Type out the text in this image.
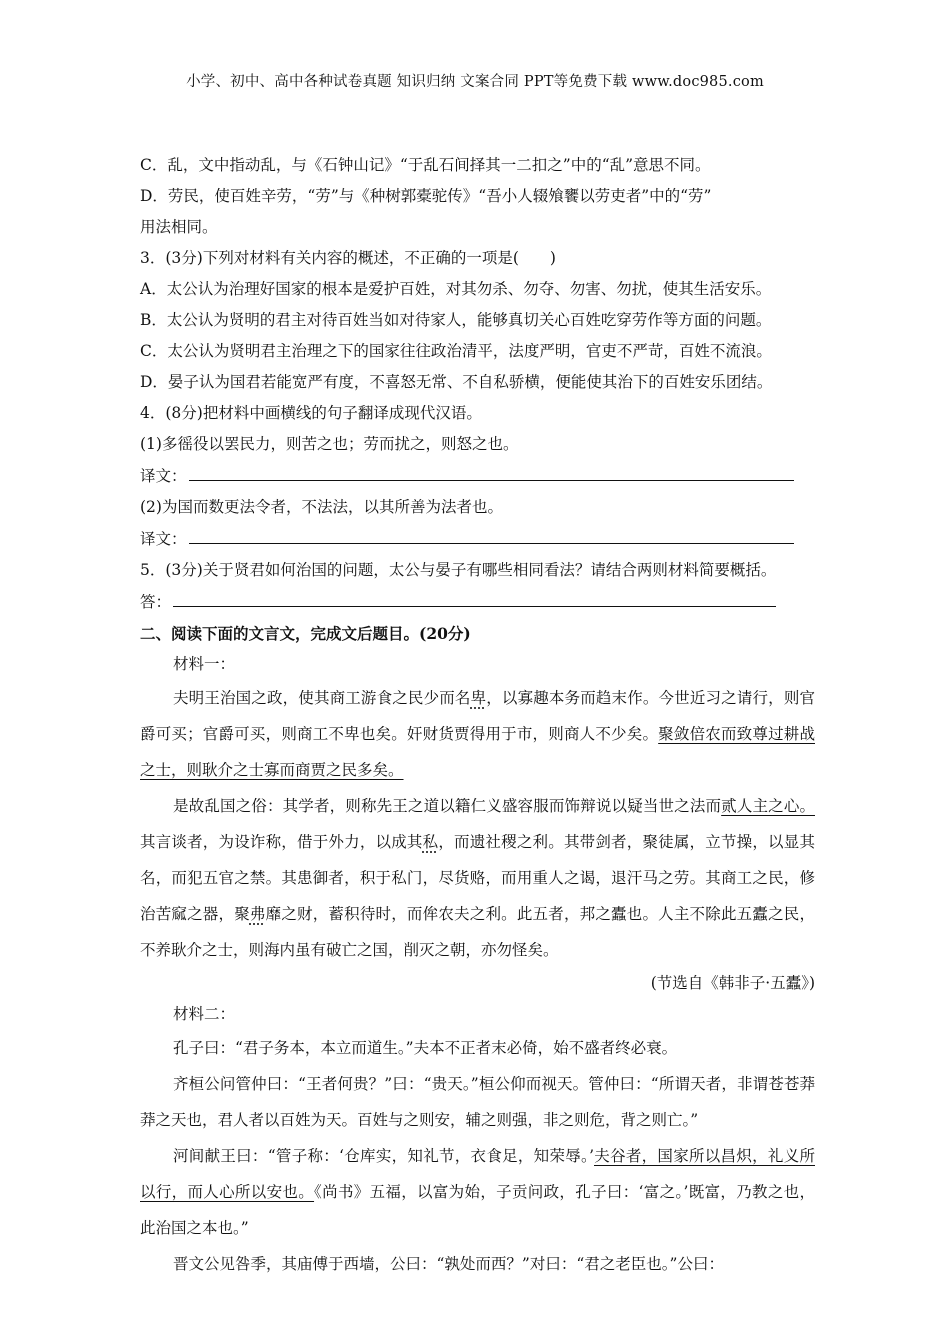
小学、初中、高中各种试卷真题 知识归纳 文案合同 PPT等免费下载 www.doc985.com

C．乱，文中指动乱，与《石钟山记》“于乱石间择其一二扣之”中的“乱”意思不同。

D．劳民，使百姓辛劳，“劳”与《种树郭橐驼传》“吾小人辍飧饔以劳吏者”中的“劳”

用法相同。

3．(3分)下列对材料有关内容的概述，不正确的一项是(　　)

A．太公认为治理好国家的根本是爱护百姓，对其勿杀、勿夺、勿害、勿扰，使其生活安乐。

B．太公认为贤明的君主对待百姓当如对待家人，能够真切关心百姓吃穿劳作等方面的问题。

C．太公认为贤明君主治理之下的国家往往政治清平，法度严明，官吏不严苛，百姓不流浪。

D．晏子认为国君若能宽严有度，不喜怒无常、不自私骄横，便能使其治下的百姓安乐团结。

4．(8分)把材料中画横线的句子翻译成现代汉语。

(1)多徭役以罢民力，则苦之也；劳而扰之，则怒之也。

译文：

(2)为国而数更法令者，不法法，以其所善为法者也。

译文：

5．(3分)关于贤君如何治国的问题，太公与晏子有哪些相同看法？请结合两则材料简要概括。

答：

二、阅读下面的文言文，完成文后题目。(20分)

材料一：

夫明王治国之政，使其商工游食之民少而名卑，以寡趣本务而趋末作。今世近习之请行，则官爵可买；官爵可买，则商工不卑也矣。奸财货贾得用于市，则商人不少矣。聚敛倍农而致尊过耕战之士，则耿介之士寡而商贾之民多矣。

是故乱国之俗：其学者，则称先王之道以籍仁义盛容服而饰辩说以疑当世之法而贰人主之心。其言谈者，为设诈称，借于外力，以成其私，而遗社稷之利。其带剑者，聚徒属，立节操，以显其名，而犯五官之禁。其患御者，积于私门，尽货赂，而用重人之谒，退汗马之劳。其商工之民，修治苦窳之器，聚弗靡之财，蓄积待时，而侔农夫之利。此五者，邦之蠹也。人主不除此五蠹之民，不养耿介之士，则海内虽有破亡之国，削灭之朝，亦勿怪矣。

(节选自《韩非子·五蠹》)

材料二：

孔子曰：“君子务本，本立而道生。”夫本不正者末必倚，始不盛者终必衰。

齐桓公问管仲曰：“王者何贵？”曰：“贵天。”桓公仰而视天。管仲曰：“所谓天者，非谓苍苍莽莽之天也，君人者以百姓为天。百姓与之则安，辅之则强，非之则危，背之则亡。”

河间献王曰：“管子称：‘仓库实，知礼节，衣食足，知荣辱。’夫谷者，国家所以昌炽，礼义所以行，而人心所以安也。《尚书》五福，以富为始，子贡问政，孔子曰：‘富之。’既富，乃教之也，此治国之本也。”

晋文公见咎季，其庙傅于西墙，公曰：“孰处而西？”对曰：“君之老臣也。”公曰：
